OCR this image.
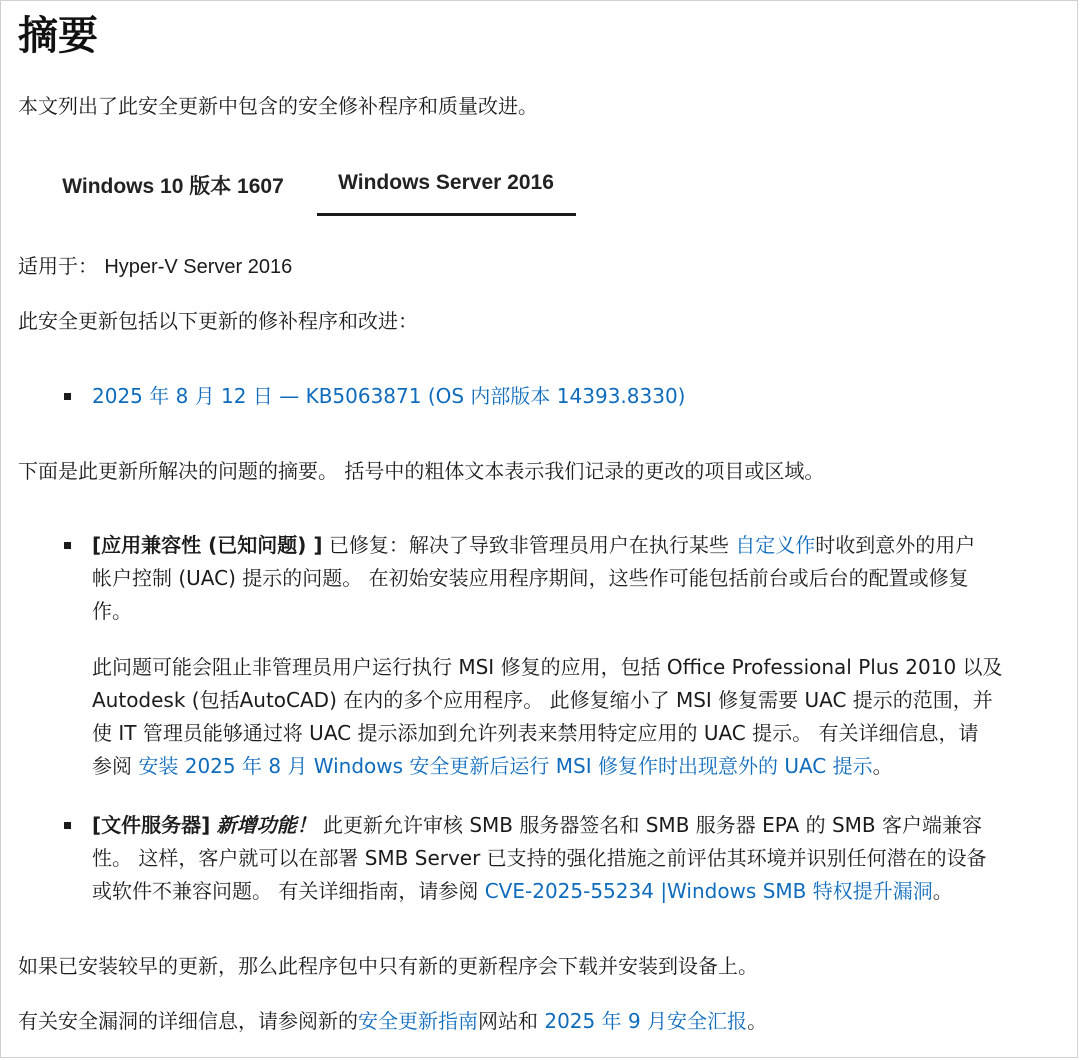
摘要

本文列出了此安全更新中包含的安全修补程序和质量改进。

Windows 10 版本 1607	Windows Server 2016

适用于： Hyper-V Server 2016

此安全更新包括以下更新的修补程序和改进：

2025 年 8 月 12 日 — KB5063871 (OS 内部版本 14393.8330)

下面是此更新所解决的问题的摘要。 括号中的粗体文本表示我们记录的更改的项目或区域。

[应用兼容性 (已知问题) ] 已修复：解决了导致非管理员用户在执行某些 自定义作时收到意外的用户
帐户控制 (UAC) 提示的问题。 在初始安装应用程序期间，这些作可能包括前台或后台的配置或修复
作。
此问题可能会阻止非管理员用户运行执行 MSI 修复的应用，包括 Office Professional Plus 2010 以及
Autodesk (包括AutoCAD) 在内的多个应用程序。 此修复缩小了 MSI 修复需要 UAC 提示的范围，并
使 IT 管理员能够通过将 UAC 提示添加到允许列表来禁用特定应用的 UAC 提示。 有关详细信息，请
参阅 安装 2025 年 8 月 Windows 安全更新后运行 MSI 修复作时出现意外的 UAC 提示。
[文件服务器] 新增功能！ 此更新允许审核 SMB 服务器签名和 SMB 服务器 EPA 的 SMB 客户端兼容
性。 这样，客户就可以在部署 SMB Server 已支持的强化措施之前评估其环境并识别任何潜在的设备
或软件不兼容问题。 有关详细指南，请参阅 CVE-2025-55234 |Windows SMB 特权提升漏洞。

如果已安装较早的更新，那么此程序包中只有新的更新程序会下载并安装到设备上。

有关安全漏洞的详细信息，请参阅新的安全更新指南网站和 2025 年 9 月安全汇报。
